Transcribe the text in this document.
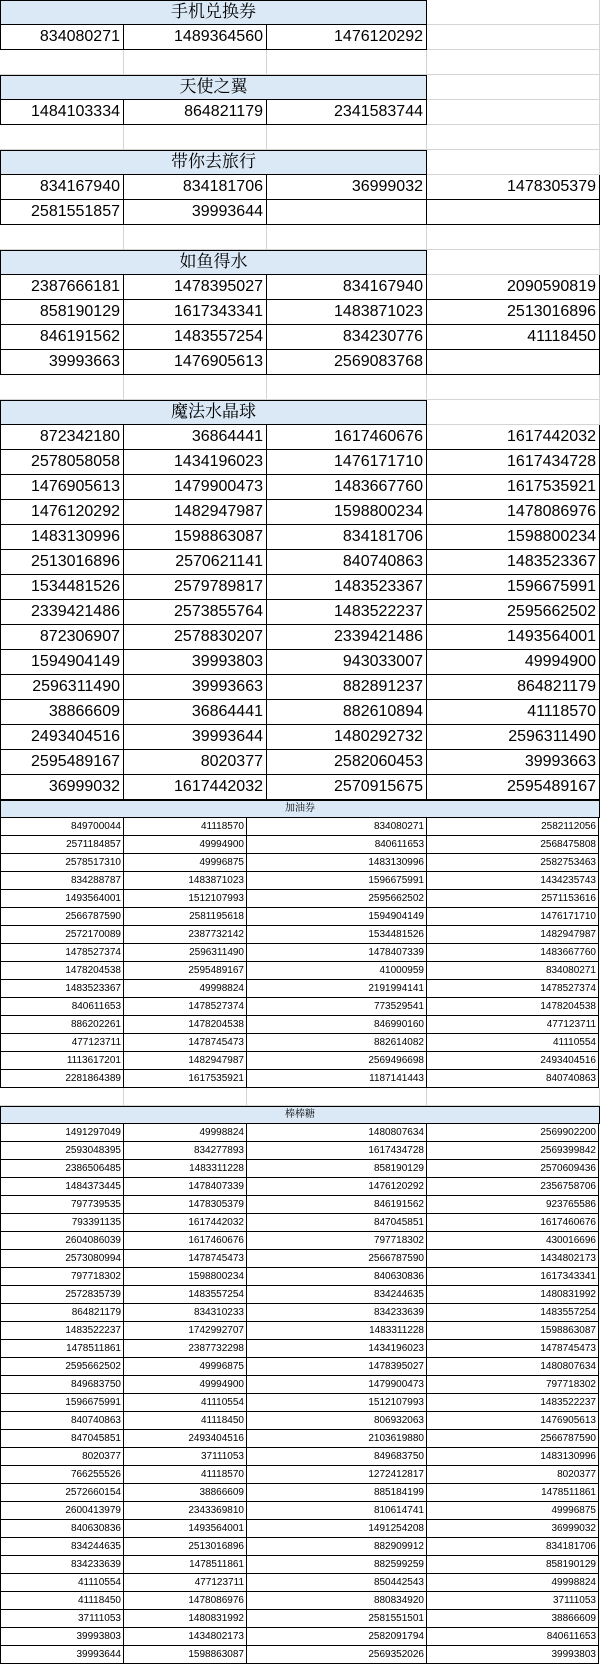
手机兑换券
834080271	1489364560	1476120292
天使之翼
1484103334	864821179	2341583744
带你去旅行
834167940	834181706	36999032	1478305379
2581551857	39993644
如鱼得水
2387666181	1478395027	834167940	2090590819
858190129	1617343341	1483871023	2513016896
846191562	1483557254	834230776	41118450
39993663	1476905613	2569083768
魔法水晶球
872342180	36864441	1617460676	1617442032
2578058058	1434196023	1476171710	1617434728
1476905613	1479900473	1483667760	1617535921
1476120292	1482947987	1598800234	1478086976
1483130996	1598863087	834181706	1598800234
2513016896	2570621141	840740863	1483523367
1534481526	2579789817	1483523367	1596675991
2339421486	2573855764	1483522237	2595662502
872306907	2578830207	2339421486	1493564001
1594904149	39993803	943033007	49994900
2596311490	39993663	882891237	864821179
38866609	36864441	882610894	41118570
2493404516	39993644	1480292732	2596311490
2595489167	8020377	2582060453	39993663
36999032	1617442032	2570915675	2595489167
加油券
849700044	41118570	834080271	2582112056
2571184857	49994900	840611653	2568475808
2578517310	49996875	1483130996	2582753463
834288787	1483871023	1596675991	1434235743
1493564001	1512107993	2595662502	2571153616
2566787590	2581195618	1594904149	1476171710
2572170089	2387732142	1534481526	1482947987
1478527374	2596311490	1478407339	1483667760
1478204538	2595489167	41000959	834080271
1483523367	49998824	2191994141	1478527374
840611653	1478527374	773529541	1478204538
886202261	1478204538	846990160	477123711
477123711	1478745473	882614082	41110554
1113617201	1482947987	2569496698	2493404516
2281864389	1617535921	1187141443	840740863
棒棒糖
1491297049	49998824	1480807634	2569902200
2593048395	834277893	1617434728	2569399842
2386506485	1483311228	858190129	2570609436
1484373445	1478407339	1476120292	2356758706
797739535	1478305379	846191562	923765586
793391135	1617442032	847045851	1617460676
2604086039	1617460676	797718302	430016696
2573080994	1478745473	2566787590	1434802173
797718302	1598800234	840630836	1617343341
2572835739	1483557254	834244635	1480831992
864821179	834310233	834233639	1483557254
1483522237	1742992707	1483311228	1598863087
1478511861	2387732298	1434196023	1478745473
2595662502	49996875	1478395027	1480807634
849683750	49994900	1479900473	797718302
1596675991	41110554	1512107993	1483522237
840740863	41118450	806932063	1476905613
847045851	2493404516	2103619880	2566787590
8020377	37111053	849683750	1483130996
766255526	41118570	1272412817	8020377
2572660154	38866609	885184199	1478511861
2600413979	2343369810	810614741	49996875
840630836	1493564001	1491254208	36999032
834244635	2513016896	882909912	834181706
834233639	1478511861	882599259	858190129
41110554	477123711	850442543	49998824
41118450	1478086976	880834920	37111053
37111053	1480831992	2581551501	38866609
39993803	1434802173	2582091794	840611653
39993644	1598863087	2569352026	39993803
